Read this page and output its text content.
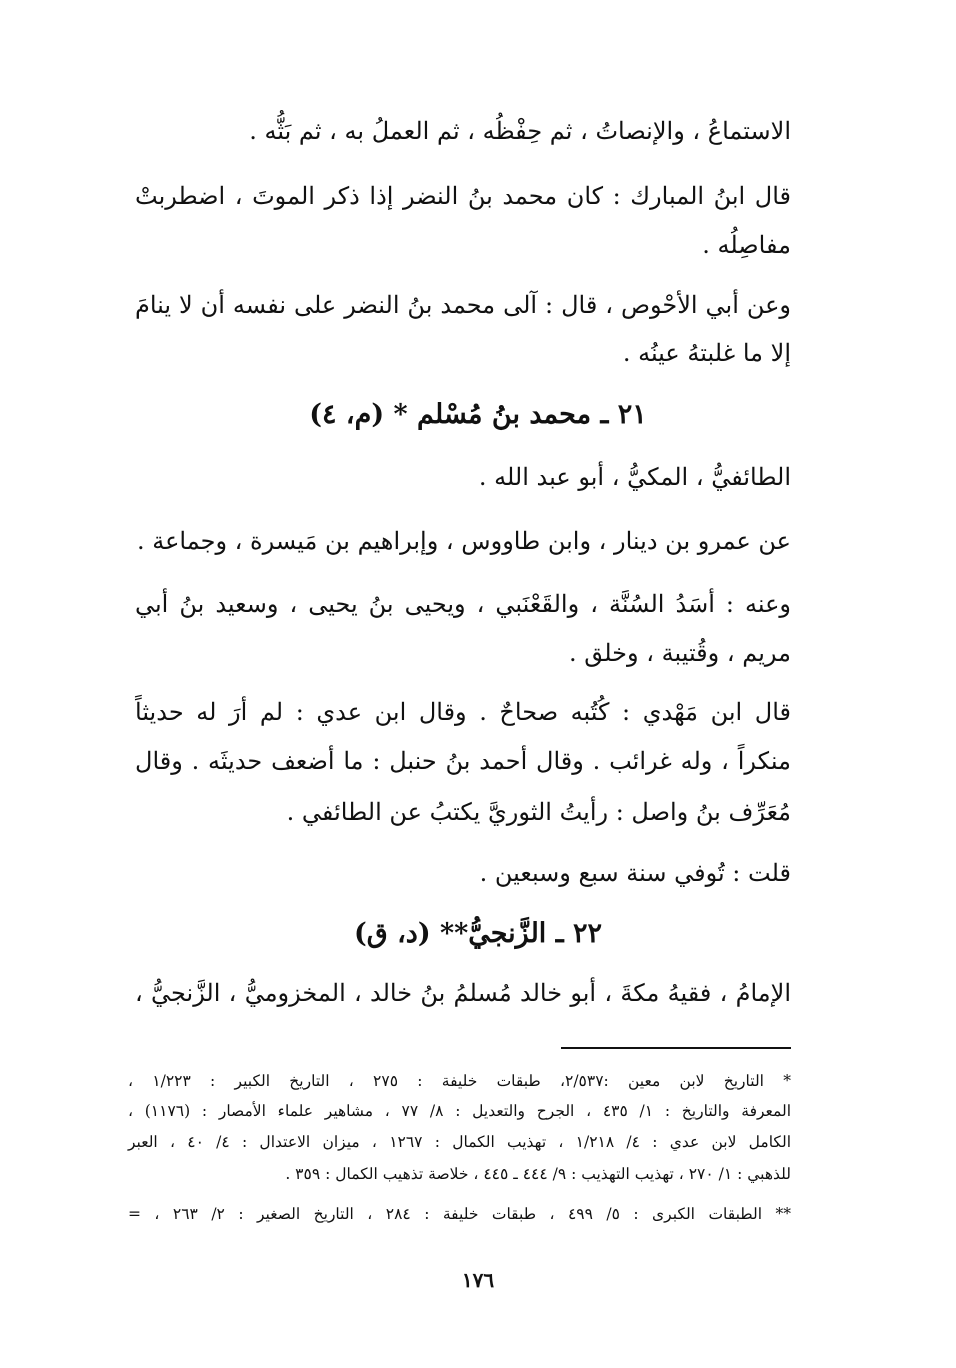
الاستماعُ ، والإنصاتُ ، ثم حِفْظُه ، ثم العملُ به ، ثم بَثُّه .
قال ابنُ المبارك : كان محمد بنُ النضر إذا ذكر الموتَ ، اضطربتْ
مفاصِلُه .
وعن أبي الأحْوص ، قال : آلى محمد بنُ النضر على نفسه أن لا ينامَ
إلا ما غلبتهُ عينُه .
٢١ ـ محمد بنُ مُسْلم * (م، ٤)
الطائفيُّ ، المكيُّ ، أبو عبد الله .
عن عمرو بن دينار ، وابن طاووس ، وإبراهيم بن مَيسرة ، وجماعة .
وعنه : أسَدُ السُنَّة ، والقَعْنَبي ، ويحيى بنُ يحيى ، وسعيد بنُ أبي
مريم ، وقُتيبة ، وخلق .
قال ابن مَهْدي : كُتُبه صحاحٌ . وقال ابن عدي : لم أرَ له حديثاً
منكراً ، وله غرائب . وقال أحمد بنُ حنبل : ما أضعف حديثَه . وقال
مُعَرِّف بنُ واصل : رأيتُ الثوريَّ يكتبُ عن الطائفي .
قلت : تُوفي سنة سبع وسبعين .
٢٢ ـ الزَّنجيُّ** (د، ق)
الإمامُ ، فقيهُ مكةَ ، أبو خالد مُسلمُ بنُ خالد ، المخزوميُّ ، الزَّنجيُّ ،
* التاريخ لابن معين :٢/٥٣٧، طبقات خليفة : ٢٧٥ ، التاريخ الكبير : ١/٢٢٣ ،
المعرفة والتاريخ : ١/ ٤٣٥ ، الجرح والتعديل : ٨/ ٧٧ ، مشاهير علماء الأمصار : (١١٧٦) ،
الكامل لابن عدي : ٤/ ١/٢١٨ ، تهذيب الكمال : ١٢٦٧ ، ميزان الاعتدال : ٤/ ٤٠ ، العبر
للذهبي : ١/ ٢٧٠ ، تهذيب التهذيب : ٩/ ٤٤٤ ـ ٤٤٥ ، خلاصة تذهيب الكمال : ٣٥٩ .
** الطبقات الكبرى : ٥/ ٤٩٩ ، طبقات خليفة : ٢٨٤ ، التاريخ الصغير : ٢/ ٢٦٣ ، =
١٧٦
